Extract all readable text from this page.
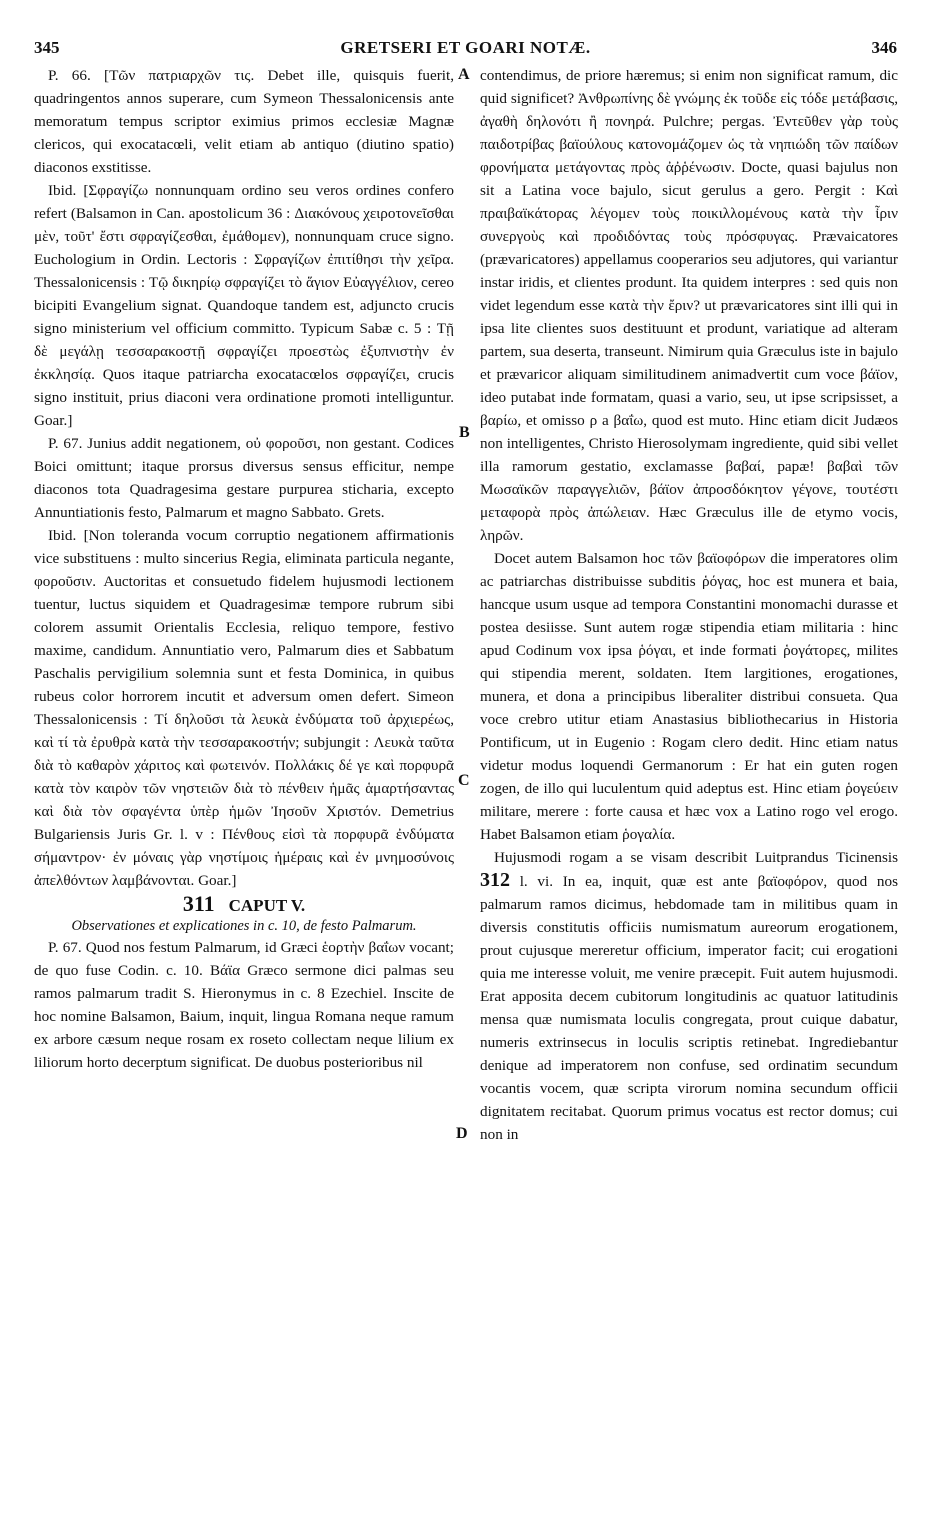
345	GRETSERI ET GOARI NOTÆ.	346
A
B
C
D

P. 66. [Τῶν πατριαρχῶν τις. Debet ille, quisquis fuerit, quadringentos annos superare, cum Symeon Thessalonicensis ante memoratum tempus scriptor eximius primos ecclesiæ Magnæ clericos, qui exocatacœli, velit etiam ab antiquo (diutino spatio) diaconos exstitisse.

Ibid. [Σφραγίζω nonnunquam ordino seu veros ordines confero refert (Balsamon in Can. apostolicum 36 : Διακόνους χειροτονεῖσθαι μὲν, τοῦτ' ἔστι σφραγίζεσθαι, ἐμάθομεν), nonnunquam cruce signo. Euchologium in Ordin. Lectoris : Σφραγίζων ἐπιτίθησι τὴν χεῖρα. Thessalonicensis : Τῷ δικηρίῳ σφραγίζει τὸ ἅγιον Εὐαγγέλιον, cereo bicipiti Evangelium signat. Quandoque tandem est, adjuncto crucis signo ministerium vel officium committo. Typicum Sabæ c. 5 : Τῇ δὲ μεγάλῃ τεσσαρακοστῇ σφραγίζει προεστὼς ἐξυπνιστὴν ἐν ἐκκλησίᾳ. Quos itaque patriarcha exocatacœlos σφραγίζει, crucis signo instituit, prius diaconi vera ordinatione promoti intelliguntur. Goar.]

P. 67. Junius addit negationem, οὐ φοροῦσι, non gestant. Codices Boici omittunt; itaque prorsus diversus sensus efficitur, nempe diaconos tota Quadragesima gestare purpurea sticharia, excepto Annuntiationis festo, Palmarum et magno Sabbato. Grets.

Ibid. [Non toleranda vocum corruptio negationem affirmationis vice substituens : multo sincerius Regia, eliminata particula negante, φοροῦσιν. Auctoritas et consuetudo fidelem hujusmodi lectionem tuentur, luctus siquidem et Quadragesimæ tempore rubrum sibi colorem assumit Orientalis Ecclesia, reliquo tempore, festivo maxime, candidum. Annuntiatio vero, Palmarum dies et Sabbatum Paschalis pervigilium solemnia sunt et festa Dominica, in quibus rubeus color horrorem incutit et adversum omen defert. Simeon Thessalonicensis : Τί δηλοῦσι τὰ λευκὰ ἐνδύματα τοῦ ἀρχιερέως, καὶ τί τὰ ἐρυθρὰ κατὰ τὴν τεσσαρακοστήν; subjungit : Λευκὰ ταῦτα διὰ τὸ καθαρὸν χάριτος καὶ φωτεινόν. Πολλάκις δέ γε καὶ πορφυρᾶ κατὰ τὸν καιρὸν τῶν νηστειῶν διὰ τὸ πένθειν ἡμᾶς ἁμαρτήσαντας καὶ διὰ τὸν σφαγέντα ὑπὲρ ἡμῶν Ἰησοῦν Χριστόν. Demetrius Bulgariensis Juris Gr. l. v : Πένθους εἰσὶ τὰ πορφυρᾶ ἐνδύματα σήμαντρον· ἐν μόναις γὰρ νηστίμοις ἡμέραις καὶ ἐν μνημοσύνοις ἀπελθόντων λαμβάνονται. Goar.]

311 CAPUT V.

Observationes et explicationes in c. 10, de festo Palmarum.

P. 67. Quod nos festum Palmarum, id Græci ἑορτὴν βαΐων vocant; de quo fuse Codin. c. 10. Βάϊα Græco sermone dici palmas seu ramos palmarum tradit S. Hieronymus in c. 8 Ezechiel. Inscite de hoc nomine Balsamon, Baium, inquit, lingua Romana neque ramum ex arbore cæsum neque rosam ex roseto collectam neque lilium ex liliorum horto decerptum significat. De duobus posterioribus nil

contendimus, de priore hæremus; si enim non significat ramum, dic quid significet? Ἀνθρωπίνης δὲ γνώμης ἐκ τοῦδε εἰς τόδε μετάβασις, ἀγαθὴ δηλονότι ἢ πονηρά. Pulchre; pergas. Ἐντεῦθεν γὰρ τοὺς παιδοτρίβας βαϊούλους κατονομάζομεν ὡς τὰ νηπιώδη τῶν παίδων φρονήματα μετάγοντας πρὸς ἀῤῥένωσιν. Docte, quasi bajulus non sit a Latina voce bajulo, sicut gerulus a gero. Pergit : Καὶ πραιβαϊκάτορας λέγομεν τοὺς ποικιλλομένους κατὰ τὴν ἶριν συνεργοὺς καὶ προδιδόντας τοὺς πρόσφυγας. Prævaicatores (prævaricatores) appellamus cooperarios seu adjutores, qui variantur instar iridis, et clientes produnt. Ita quidem interpres : sed quis non videt legendum esse κατὰ τὴν ἔριν? ut prævaricatores sint illi qui in ipsa lite clientes suos destituunt et produnt, variatique ad alteram partem, sua deserta, transeunt. Nimirum quia Græculus iste in bajulo et prævaricor aliquam similitudinem animadvertit cum voce βάϊον, ideo putabat inde formatam, quasi a vario, seu, ut ipse scripsisset, a βαρίω, et omisso ρ a βαΐω, quod est muto. Hinc etiam dicit Judæos non intelligentes, Christo Hierosolymam ingrediente, quid sibi vellet illa ramorum gestatio, exclamasse βαβαί, papæ! βαβαὶ τῶν Μωσαϊκῶν παραγγελιῶν, βάϊον ἀπροσδόκητον γέγονε, τουτέστι μεταφορὰ πρὸς ἀπώλειαν. Hæc Græculus ille de etymo vocis, ληρῶν.

Docet autem Balsamon hoc τῶν βαϊοφόρων die imperatores olim ac patriarchas distribuisse subditis ῥόγας, hoc est munera et baia, hancque usum usque ad tempora Constantini monomachi durasse et postea desiisse. Sunt autem rogæ stipendia etiam militaria : hinc apud Codinum vox ipsa ῥόγαι, et inde formati ῥογάτορες, milites qui stipendia merent, soldaten. Item largitiones, erogationes, munera, et dona a principibus liberaliter distribui consueta. Qua voce crebro utitur etiam Anastasius bibliothecarius in Historia Pontificum, ut in Eugenio : Rogam clero dedit. Hinc etiam natus videtur modus loquendi Germanorum : Er hat ein guten rogen zogen, de illo qui luculentum quid adeptus est. Hinc etiam ῥογεύειν militare, merere : forte causa et hæc vox a Latino rogo vel erogo. Habet Balsamon etiam ῥογαλία.

Hujusmodi rogam a se visam describit Luitprandus Ticinensis 312 l. vi. In ea, inquit, quæ est ante βαϊοφόρον, quod nos palmarum ramos dicimus, hebdomade tam in militibus quam in diversis constitutis officiis numismatum aureorum erogationem, prout cujusque mereretur officium, imperator facit; cui erogationi quia me interesse voluit, me venire præcepit. Fuit autem hujusmodi. Erat apposita decem cubitorum longitudinis ac quatuor latitudinis mensa quæ numismata loculis congregata, prout cuique dabatur, numeris extrinsecus in loculis scriptis retinebat. Ingrediebantur denique ad imperatorem non confuse, sed ordinatim secundum vocantis vocem, quæ scripta virorum nomina secundum officii dignitatem recitabat. Quorum primus vocatus est rector domus; cui non in
